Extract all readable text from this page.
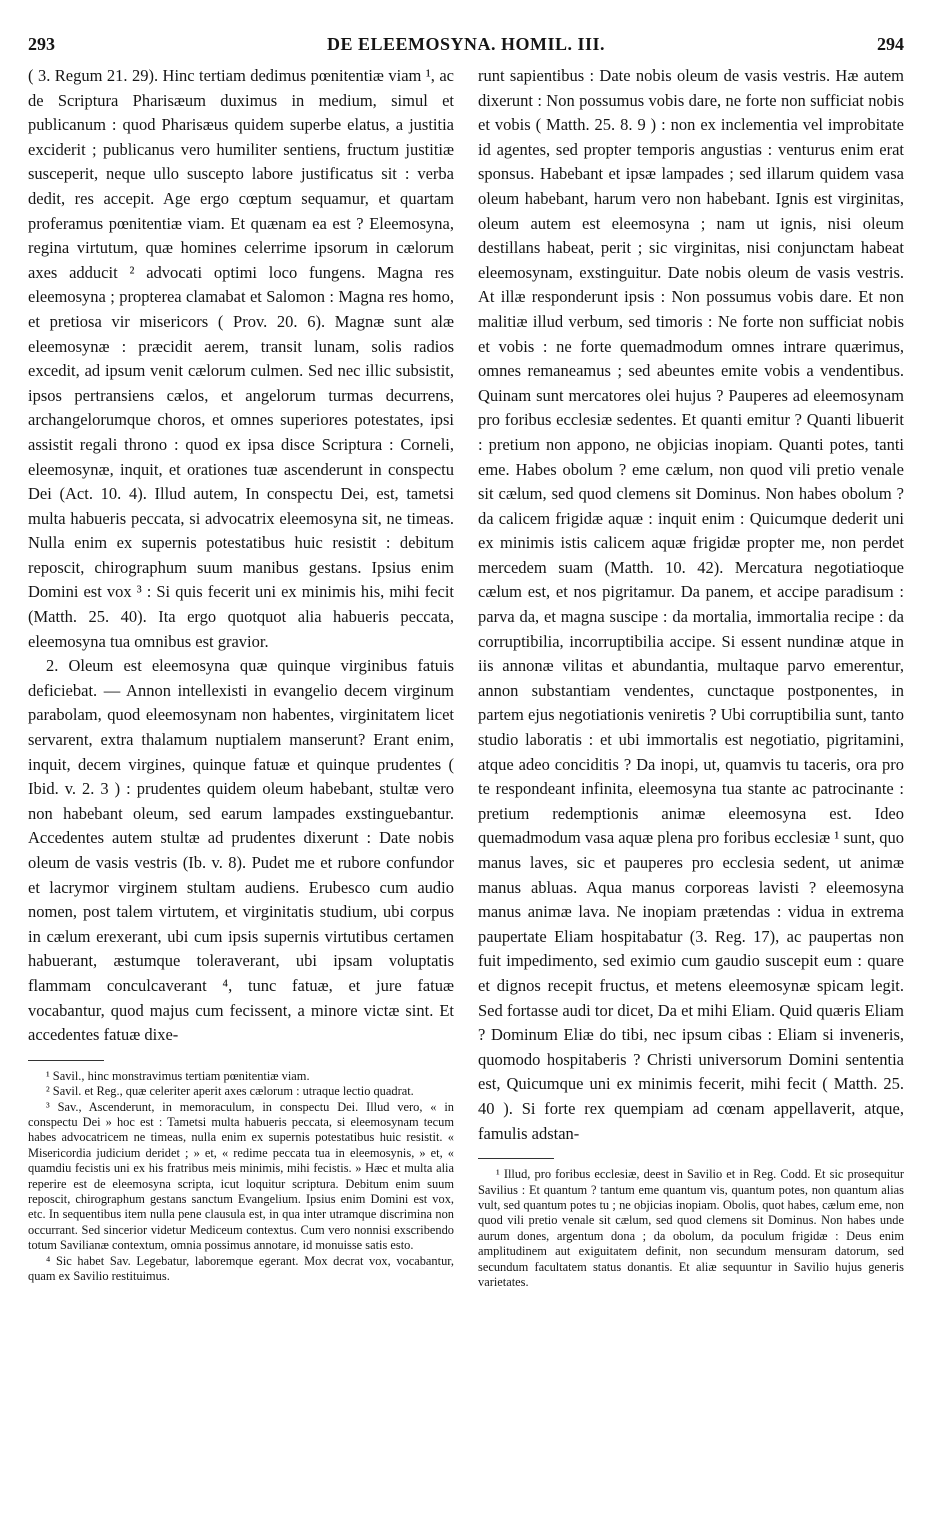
293	DE ELEEMOSYNA. HOMIL. III.	294

( 3. Regum 21. 29). Hinc tertiam dedimus pœnitentiæ viam ¹, ac de Scriptura Pharisæum duximus in medium, simul et publicanum : quod Pharisæus quidem superbe elatus, a justitia exciderit ; publicanus vero humiliter sentiens, fructum justitiæ susceperit, neque ullo suscepto labore justificatus sit : verba dedit, res accepit. Age ergo cœptum sequamur, et quartam proferamus pœnitentiæ viam. Et quænam ea est ? Eleemosyna, regina virtutum, quæ homines celerrime ipsorum in cælorum axes adducit ² advocati optimi loco fungens. Magna res eleemosyna ; propterea clamabat et Salomon : Magna res homo, et pretiosa vir misericors ( Prov. 20. 6). Magnæ sunt alæ eleemosynæ : præcidit aerem, transit lunam, solis radios excedit, ad ipsum venit cælorum culmen. Sed nec illic subsistit, ipsos pertransiens cælos, et angelorum turmas decurrens, archangelorumque choros, et omnes superiores potestates, ipsi assistit regali throno : quod ex ipsa disce Scriptura : Corneli, eleemosynæ, inquit, et orationes tuæ ascenderunt in conspectu Dei (Act. 10. 4). Illud autem, In conspectu Dei, est, tametsi multa habueris peccata, si advocatrix eleemosyna sit, ne timeas. Nulla enim ex supernis potestatibus huic resistit : debitum reposcit, chirographum suum manibus gestans. Ipsius enim Domini est vox ³ : Si quis fecerit uni ex minimis his, mihi fecit (Matth. 25. 40). Ita ergo quotquot alia habueris peccata, eleemosyna tua omnibus est gravior.

2. Oleum est eleemosyna quæ quinque virginibus fatuis deficiebat. — Annon intellexisti in evangelio decem virginum parabolam, quod eleemosynam non habentes, virginitatem licet servarent, extra thalamum nuptialem manserunt? Erant enim, inquit, decem virgines, quinque fatuæ et quinque prudentes ( Ibid. v. 2. 3 ) : prudentes quidem oleum habebant, stultæ vero non habebant oleum, sed earum lampades exstinguebantur. Accedentes autem stultæ ad prudentes dixerunt : Date nobis oleum de vasis vestris (Ib. v. 8). Pudet me et rubore confundor et lacrymor virginem stultam audiens. Erubesco cum audio nomen, post talem virtutem, et virginitatis studium, ubi corpus in cælum erexerant, ubi cum ipsis supernis virtutibus certamen habuerant, æstumque toleraverant, ubi ipsam voluptatis flammam conculcaverant ⁴, tunc fatuæ, et jure fatuæ vocabantur, quod majus cum fecissent, a minore victæ sint. Et accedentes fatuæ dixe-

¹ Savil., hinc monstravimus tertiam pœnitentiæ viam.

² Savil. et Reg., quæ celeriter aperit axes cælorum : utraque lectio quadrat.

³ Sav., Ascenderunt, in memoraculum, in conspectu Dei. Illud vero, « in conspectu Dei » hoc est : Tametsi multa habueris peccata, si eleemosynam tecum habes advocatricem ne timeas, nulla enim ex supernis potestatibus huic resistit. « Misericordia judicium deridet ; » et, « redime peccata tua in eleemosynis, » et, « quamdiu fecistis uni ex his fratribus meis minimis, mihi fecistis. » Hæc et multa alia reperire est de eleemosyna scripta, icut loquitur scriptura. Debitum enim suum reposcit, chirographum gestans sanctum Evangelium. Ipsius enim Domini est vox, etc. In sequentibus item nulla pene clausula est, in qua inter utramque discrimina non occurrant. Sed sincerior videtur Mediceum contextus. Cum vero nonnisi exscribendo totum Savilianæ contextum, omnia possimus annotare, id monuisse satis esto.

⁴ Sic habet Sav. Legebatur, laboremque egerant. Mox decrat vox, vocabantur, quam ex Savilio restituimus.

runt sapientibus : Date nobis oleum de vasis vestris. Hæ autem dixerunt : Non possumus vobis dare, ne forte non sufficiat nobis et vobis ( Matth. 25. 8. 9 ) : non ex inclementia vel improbitate id agentes, sed propter temporis angustias : venturus enim erat sponsus. Habebant et ipsæ lampades ; sed illarum quidem vasa oleum habebant, harum vero non habebant. Ignis est virginitas, oleum autem est eleemosyna ; nam ut ignis, nisi oleum destillans habeat, perit ; sic virginitas, nisi conjunctam habeat eleemosynam, exstinguitur. Date nobis oleum de vasis vestris. At illæ responderunt ipsis : Non possumus vobis dare. Et non malitiæ illud verbum, sed timoris : Ne forte non sufficiat nobis et vobis : ne forte quemadmodum omnes intrare quærimus, omnes remaneamus ; sed abeuntes emite vobis a vendentibus. Quinam sunt mercatores olei hujus ? Pauperes ad eleemosynam pro foribus ecclesiæ sedentes. Et quanti emitur ? Quanti libuerit : pretium non appono, ne objicias inopiam. Quanti potes, tanti eme. Habes obolum ? eme cælum, non quod vili pretio venale sit cælum, sed quod clemens sit Dominus. Non habes obolum ? da calicem frigidæ aquæ : inquit enim : Quicumque dederit uni ex minimis istis calicem aquæ frigidæ propter me, non perdet mercedem suam (Matth. 10. 42). Mercatura negotiatioque cælum est, et nos pigritamur. Da panem, et accipe paradisum : parva da, et magna suscipe : da mortalia, immortalia recipe : da corruptibilia, incorruptibilia accipe. Si essent nundinæ atque in iis annonæ vilitas et abundantia, multaque parvo emerentur, annon substantiam vendentes, cunctaque postponentes, in partem ejus negotiationis veniretis ? Ubi corruptibilia sunt, tanto studio laboratis : et ubi immortalis est negotiatio, pigritamini, atque adeo conciditis ? Da inopi, ut, quamvis tu taceris, ora pro te respondeant infinita, eleemosyna tua stante ac patrocinante : pretium redemptionis animæ eleemosyna est. Ideo quemadmodum vasa aquæ plena pro foribus ecclesiæ ¹ sunt, quo manus laves, sic et pauperes pro ecclesia sedent, ut animæ manus abluas. Aqua manus corporeas lavisti ? eleemosyna manus animæ lava. Ne inopiam prætendas : vidua in extrema paupertate Eliam hospitabatur (3. Reg. 17), ac paupertas non fuit impedimento, sed eximio cum gaudio suscepit eum : quare et dignos recepit fructus, et metens eleemosynæ spicam legit. Sed fortasse audi tor dicet, Da et mihi Eliam. Quid quæris Eliam ? Dominum Eliæ do tibi, nec ipsum cibas : Eliam si inveneris, quomodo hospitaberis ? Christi universorum Domini sententia est, Quicumque uni ex minimis fecerit, mihi fecit ( Matth. 25. 40 ). Si forte rex quempiam ad cœnam appellaverit, atque, famulis adstan-

¹ Illud, pro foribus ecclesiæ, deest in Savilio et in Reg. Codd. Et sic prosequitur Savilius : Et quantum ? tantum eme quantum vis, quantum potes, non quantum alias vult, sed quantum potes tu ; ne objicias inopiam. Obolis, quot habes, cælum eme, non quod vili pretio venale sit cælum, sed quod clemens sit Dominus. Non habes unde aurum dones, argentum dona ; da obolum, da poculum frigidæ : Deus enim amplitudinem aut exiguitatem definit, non secundum mensuram datorum, sed secundum facultatem status donantis. Et aliæ sequuntur in Savilio hujus generis varietates.
